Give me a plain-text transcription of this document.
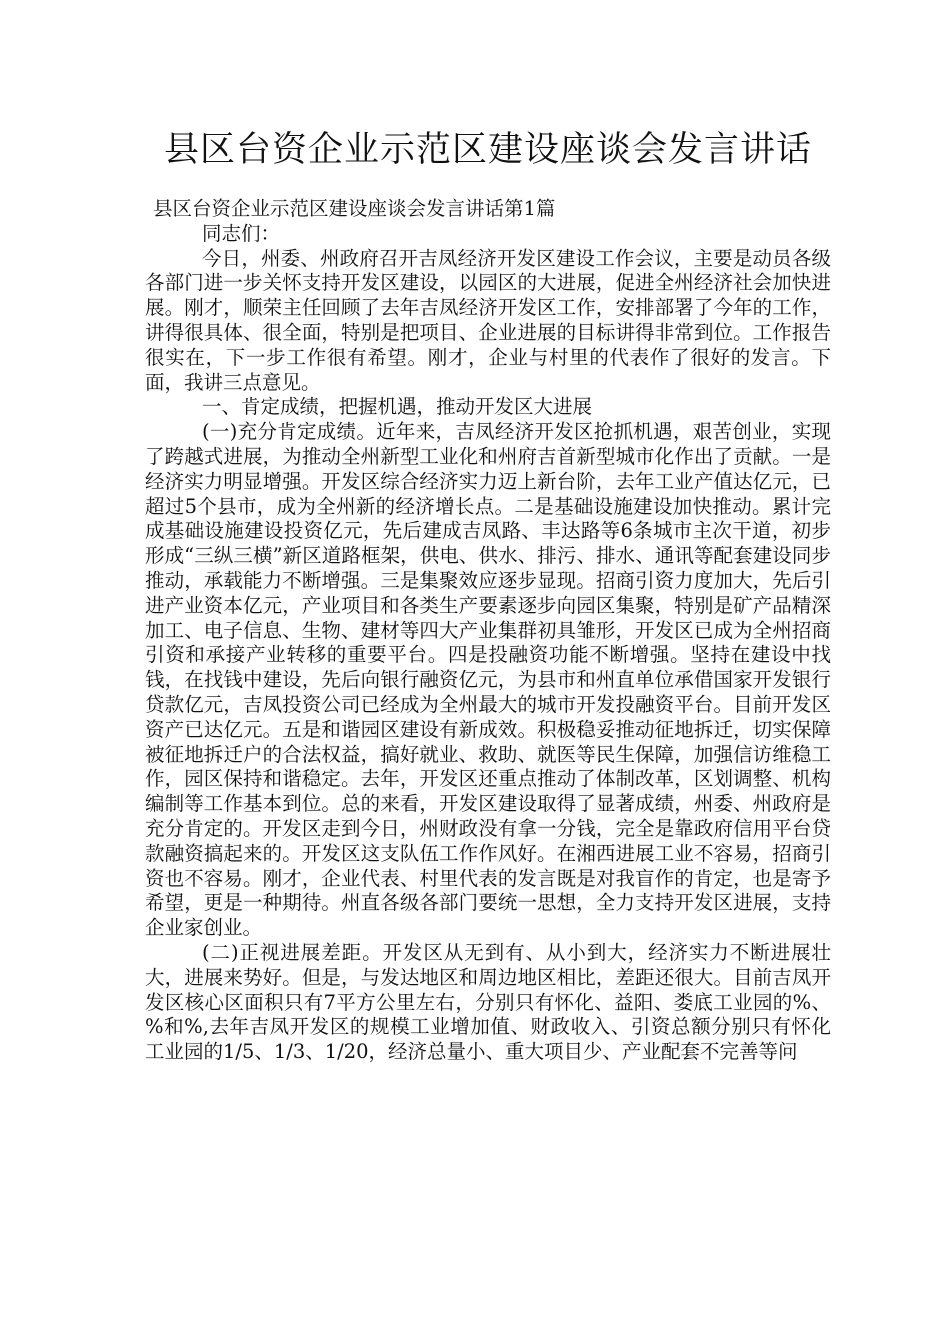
县区台资企业示范区建设座谈会发言讲话
县区台资企业示范区建设座谈会发言讲话第1篇
同志们：

今日，州委、州政府召开吉凤经济开发区建设工作会议，主要是动员各级各部门进一步关怀支持开发区建设，以园区的大进展，促进全州经济社会加快进展。刚才，顺荣主任回顾了去年吉凤经济开发区工作，安排部署了今年的工作，讲得很具体、很全面，特别是把项目、企业进展的目标讲得非常到位。工作报告很实在，下一步工作很有希望。刚才，企业与村里的代表作了很好的发言。下面，我讲三点意见。

一、肯定成绩，把握机遇，推动开发区大进展

(一)充分肯定成绩。近年来，吉凤经济开发区抢抓机遇，艰苦创业，实现了跨越式进展，为推动全州新型工业化和州府吉首新型城市化作出了贡献。一是经济实力明显增强。开发区综合经济实力迈上新台阶，去年工业产值达亿元，已超过5个县市，成为全州新的经济增长点。二是基础设施建设加快推动。累计完成基础设施建设投资亿元，先后建成吉凤路、丰达路等6条城市主次干道，初步形成“三纵三横”新区道路框架，供电、供水、排污、排水、通讯等配套建设同步推动，承载能力不断增强。三是集聚效应逐步显现。招商引资力度加大，先后引进产业资本亿元，产业项目和各类生产要素逐步向园区集聚，特别是矿产品精深加工、电子信息、生物、建材等四大产业集群初具雏形，开发区已成为全州招商引资和承接产业转移的重要平台。四是投融资功能不断增强。坚持在建设中找钱，在找钱中建设，先后向银行融资亿元，为县市和州直单位承借国家开发银行贷款亿元，吉凤投资公司已经成为全州最大的城市开发投融资平台。目前开发区资产已达亿元。五是和谐园区建设有新成效。积极稳妥推动征地拆迁，切实保障被征地拆迁户的合法权益，搞好就业、救助、就医等民生保障，加强信访维稳工作，园区保持和谐稳定。去年，开发区还重点推动了体制改革，区划调整、机构编制等工作基本到位。总的来看，开发区建设取得了显著成绩，州委、州政府是充分肯定的。开发区走到今日，州财政没有拿一分钱，完全是靠政府信用平台贷款融资搞起来的。开发区这支队伍工作作风好。在湘西进展工业不容易，招商引资也不容易。刚才，企业代表、村里代表的发言既是对我盲作的肯定，也是寄予希望，更是一种期待。州直各级各部门要统一思想，全力支持开发区进展，支持企业家创业。

(二)正视进展差距。开发区从无到有、从小到大，经济实力不断进展壮大，进展来势好。但是，与发达地区和周边地区相比，差距还很大。目前吉凤开发区核心区面积只有7平方公里左右，分别只有怀化、益阳、娄底工业园的%、%和%,去年吉凤开发区的规模工业增加值、财政收入、引资总额分别只有怀化工业园的1/5、1/3、1/20，经济总量小、重大项目少、产业配套不完善等问
